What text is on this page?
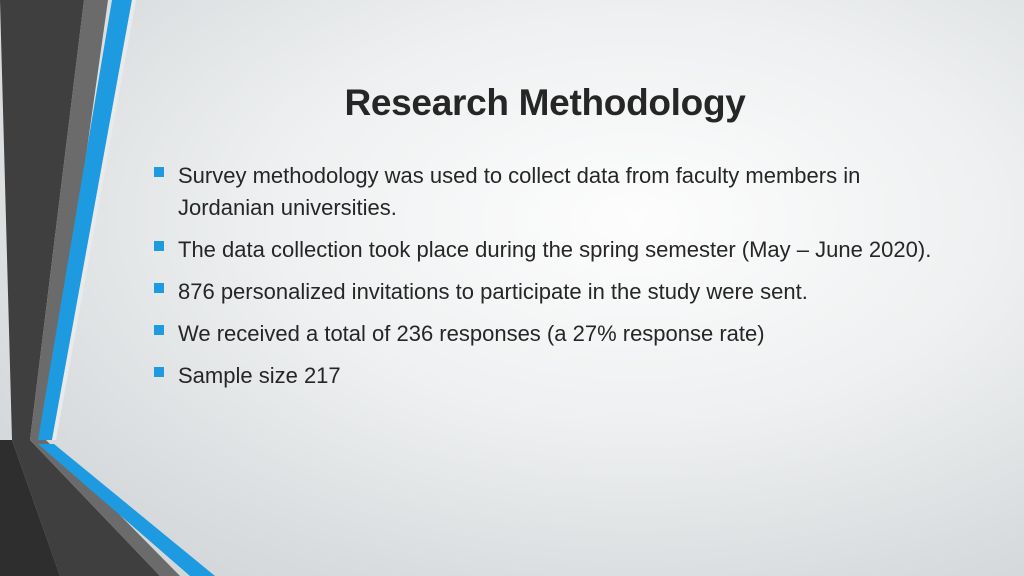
Research Methodology
Survey methodology was used to collect data from faculty members in Jordanian universities.
The data collection took place during the spring semester (May – June 2020).
876 personalized invitations to participate in the study were sent.
We received a total of 236 responses (a 27% response rate)
Sample size 217
